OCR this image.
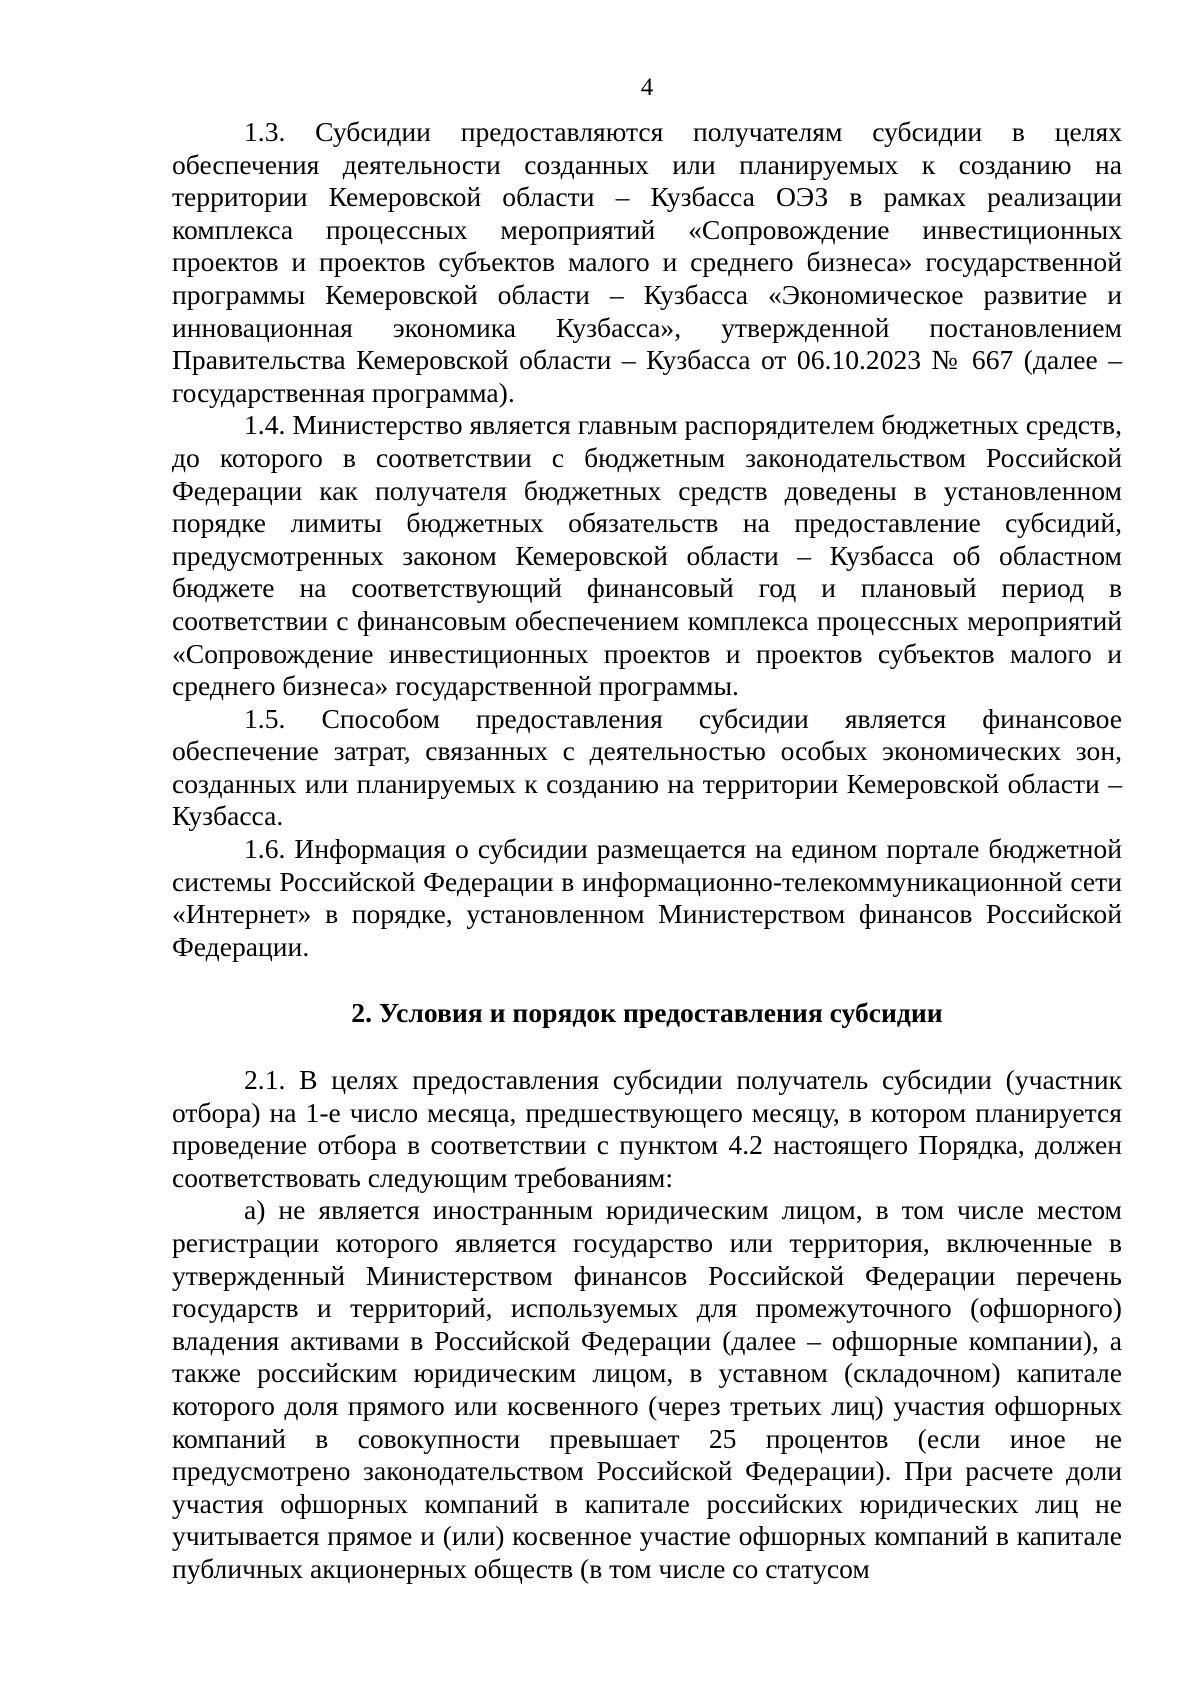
4

1.3. Субсидии предоставляются получателям субсидии в целях обеспечения деятельности созданных или планируемых к созданию на территории Кемеровской области – Кузбасса ОЭЗ в рамках реализации комплекса процессных мероприятий «Сопровождение инвестиционных проектов и проектов субъектов малого и среднего бизнеса» государственной программы Кемеровской области – Кузбасса «Экономическое развитие и инновационная экономика Кузбасса», утвержденной постановлением Правительства Кемеровской области – Кузбасса от 06.10.2023 № 667 (далее – государственная программа).

1.4. Министерство является главным распорядителем бюджетных средств, до которого в соответствии с бюджетным законодательством Российской Федерации как получателя бюджетных средств доведены в установленном порядке лимиты бюджетных обязательств на предоставление субсидий, предусмотренных законом Кемеровской области – Кузбасса об областном бюджете на соответствующий финансовый год и плановый период в соответствии с финансовым обеспечением комплекса процессных мероприятий «Сопровождение инвестиционных проектов и проектов субъектов малого и среднего бизнеса» государственной программы.

1.5. Способом предоставления субсидии является финансовое обеспечение затрат, связанных с деятельностью особых экономических зон, созданных или планируемых к созданию на территории Кемеровской области – Кузбасса.

1.6. Информация о субсидии размещается на едином портале бюджетной системы Российской Федерации в информационно-телекоммуникационной сети «Интернет» в порядке, установленном Министерством финансов Российской Федерации.

2. Условия и порядок предоставления субсидии

2.1. В целях предоставления субсидии получатель субсидии (участник отбора) на 1-е число месяца, предшествующего месяцу, в котором планируется проведение отбора в соответствии с пунктом 4.2 настоящего Порядка, должен соответствовать следующим требованиям:

а) не является иностранным юридическим лицом, в том числе местом регистрации которого является государство или территория, включенные в утвержденный Министерством финансов Российской Федерации перечень государств и территорий, используемых для промежуточного (офшорного) владения активами в Российской Федерации (далее – офшорные компании), а также российским юридическим лицом, в уставном (складочном) капитале которого доля прямого или косвенного (через третьих лиц) участия офшорных компаний в совокупности превышает 25 процентов (если иное не предусмотрено законодательством Российской Федерации). При расчете доли участия офшорных компаний в капитале российских юридических лиц не учитывается прямое и (или) косвенное участие офшорных компаний в капитале публичных акционерных обществ (в том числе со статусом
